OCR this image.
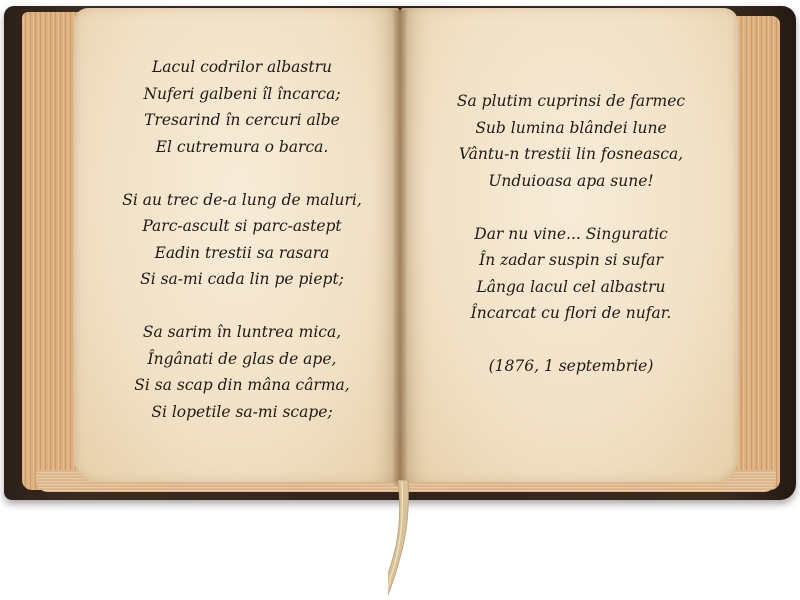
Lacul codrilor albastru
Nuferi galbeni îl încarca;
Tresarind în cercuri albe
El cutremura o barca.
Si au trec de-a lung de maluri,
Parc-ascult si parc-astept
Eadin trestii sa rasara
Si sa-mi cada lin pe piept;
Sa sarim în luntrea mica,
Îngânati de glas de ape,
Si sa scap din mâna cârma,
Si lopetile sa-mi scape;
Sa plutim cuprinsi de farmec
Sub lumina blândei lune
Vântu-n trestii lin fosneasca,
Unduioasa apa sune!
Dar nu vine... Singuratic
În zadar suspin si sufar
Lânga lacul cel albastru
Încarcat cu flori de nufar.
(1876, 1 septembrie)
